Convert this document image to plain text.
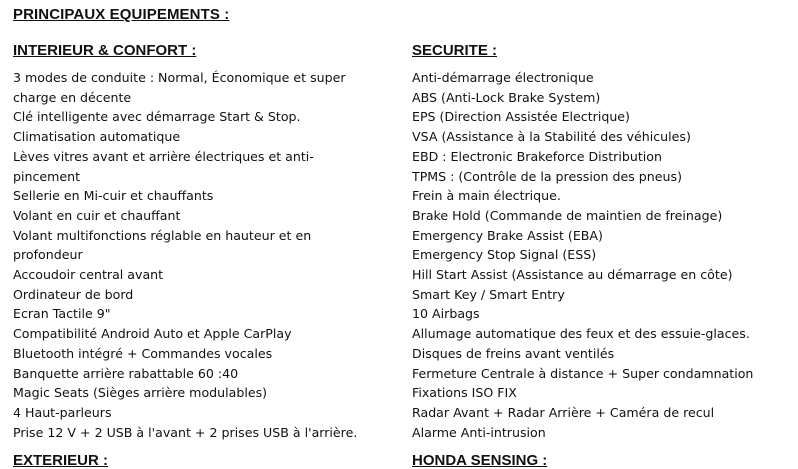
PRINCIPAUX EQUIPEMENTS :
INTERIEUR & CONFORT :
3 modes de conduite : Normal, Économique et super
charge en décente
Clé intelligente avec démarrage Start & Stop.
Climatisation automatique
Lèves vitres avant et arrière électriques et anti-
pincement
Sellerie en Mi-cuir et chauffants
Volant en cuir et chauffant
Volant multifonctions réglable en hauteur et en
profondeur
Accoudoir central avant
Ordinateur de bord
Ecran Tactile 9"
Compatibilité Android Auto et Apple CarPlay
Bluetooth intégré + Commandes vocales
Banquette arrière rabattable 60 :40
Magic Seats (Sièges arrière modulables)
4 Haut-parleurs
Prise 12 V + 2 USB à l'avant + 2 prises USB à l'arrière.
SECURITE :
Anti-démarrage électronique
ABS (Anti-Lock Brake System)
EPS (Direction Assistée Electrique)
VSA (Assistance à la Stabilité des véhicules)
EBD : Electronic Brakeforce Distribution
TPMS : (Contrôle de la pression des pneus)
Frein à main électrique.
Brake Hold (Commande de maintien de freinage)
Emergency Brake Assist (EBA)
Emergency Stop Signal (ESS)
Hill Start Assist (Assistance au démarrage en côte)
Smart Key / Smart Entry
10 Airbags
Allumage automatique des feux et des essuie-glaces.
Disques de freins avant ventilés
Fermeture Centrale à distance + Super condamnation
Fixations ISO FIX
Radar Avant + Radar Arrière + Caméra de recul
Alarme Anti-intrusion
EXTERIEUR :	HONDA SENSING :
